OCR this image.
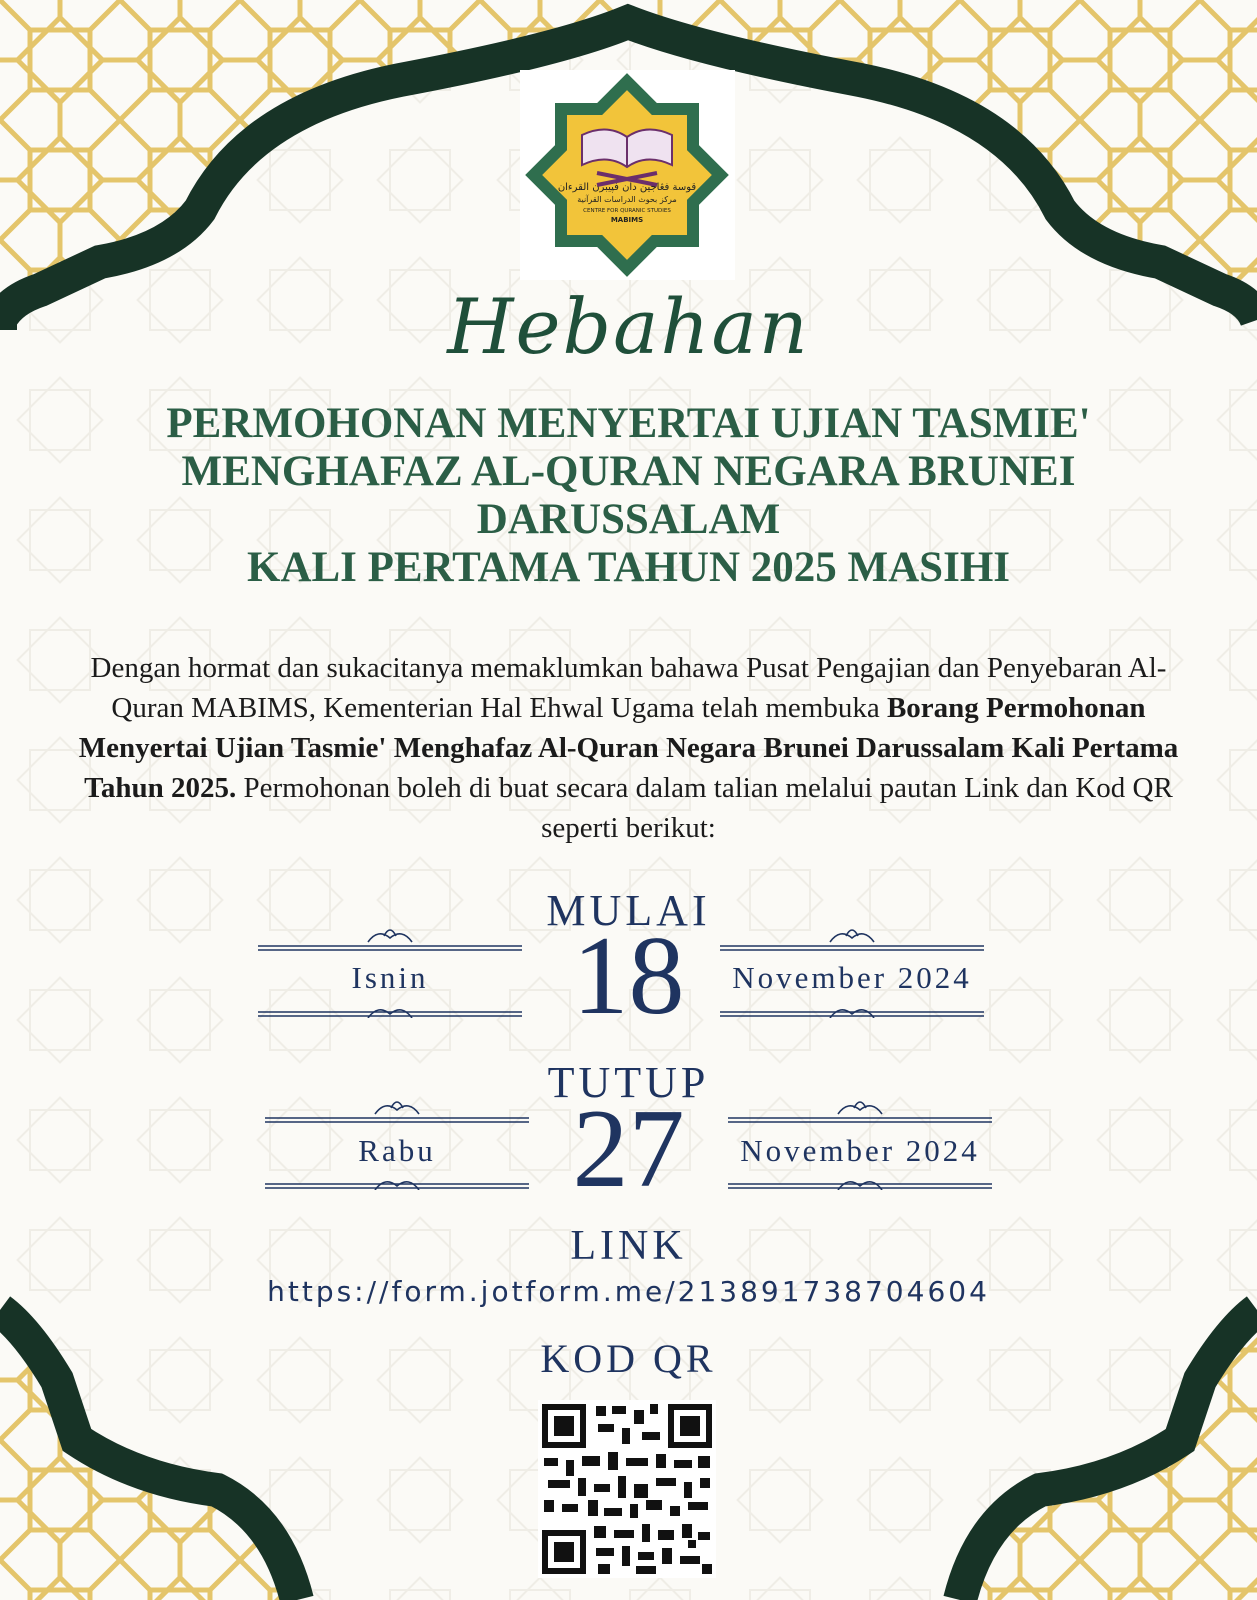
قوسة فڠاجين دان فڽيبرن القرءان
مركز بحوث الدراسات القرآنية
CENTRE FOR QURANIC STUDIES
MABIMS
Hebahan
PERMOHONAN MENYERTAI UJIAN TASMIE'
MENGHAFAZ AL-QURAN NEGARA BRUNEI
DARUSSALAM
KALI PERTAMA TAHUN 2025 MASIHI
Dengan hormat dan sukacitanya memaklumkan bahawa Pusat Pengajian dan Penyebaran Al-Quran MABIMS, Kementerian Hal Ehwal Ugama telah membuka Borang Permohonan Menyertai Ujian Tasmie' Menghafaz Al-Quran Negara Brunei Darussalam Kali Pertama Tahun 2025. Permohonan boleh di buat secara dalam talian melalui pautan Link dan Kod QR seperti berikut:
MULAI
18
Isnin	November 2024
TUTUP
27
Rabu	November 2024
LINK
https://form.jotform.me/213891738704604
KOD QR
